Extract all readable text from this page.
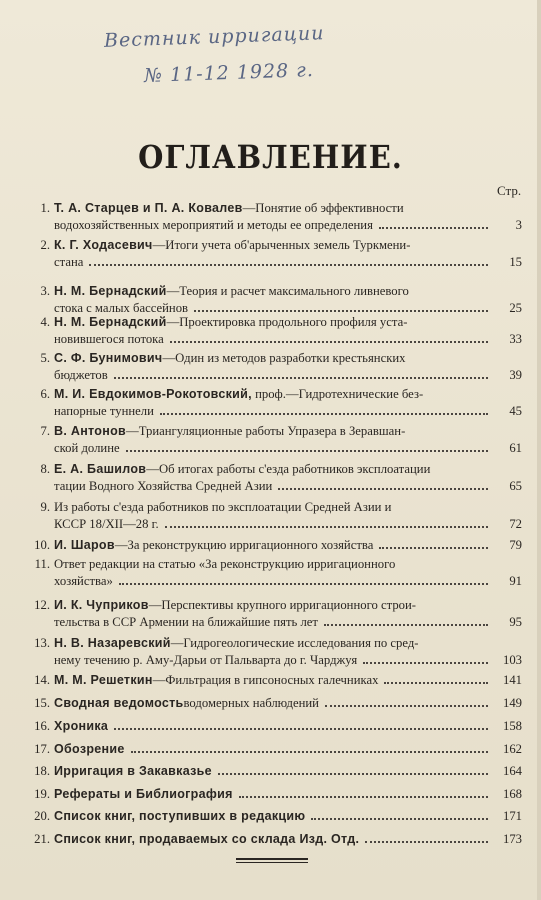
Вестник ирригации
№ 11-12 1928 г.
ОГЛАВЛЕНИЕ.
Стр.
1. Т. А. Старцев и П. А. Ковалев—Понятие об эффективности
водохозяйственных мероприятий и методы ее определения	3
2. К. Г. Ходасевич—Итоги учета об'арыченных земель Туркмени-
стана	15
3. Н. М. Бернадский—Теория и расчет максимального ливневого
стока с малых бассейнов	25
4. Н. М. Бернадский—Проектировка продольного профиля уста-
новившегося потока	33
5. С. Ф. Бунимович—Один из методов разработки крестьянских
бюджетов	39
6. М. И. Евдокимов-Рокотовский, проф.—Гидротехнические без-
напорные туннели	45
7. В. Антонов—Триангуляционные работы Упразера в Зеравшан-
ской долине	61
8. Е. А. Башилов—Об итогах работы с'езда работников эксплоатации
тации Водного Хозяйства Средней Азии	65
9. Из работы с'езда работников по эксплоатации Средней Азии и
КССР 18/XII—28 г.	72
10. И. Шаров —За реконструкцию ирригационного хозяйства	79
11. Ответ редакции на статью «За реконструкцию ирригационного
хозяйства»	91
12. И. К. Чуприков—Перспективы крупного ирригационного строи-
тельства в ССР Армении на ближайшие пять лет	95
13. Н. В. Назаревский—Гидрогеологические исследования по сред-
нему течению р. Аму-Дарьи от Пальварта до г. Чарджуя	103
14. М. М. Решеткин —Фильтрация в гипсоносных галечниках	141
15. Сводная ведомость водомерных наблюдений	149
16. Хроника	158
17. Обозрение	162
18. Ирригация в Закавказье	164
19. Рефераты и Библиография	168
20. Список книг, поступивших в редакцию	171
21. Список книг, продаваемых со склада Изд. Отд.	173
